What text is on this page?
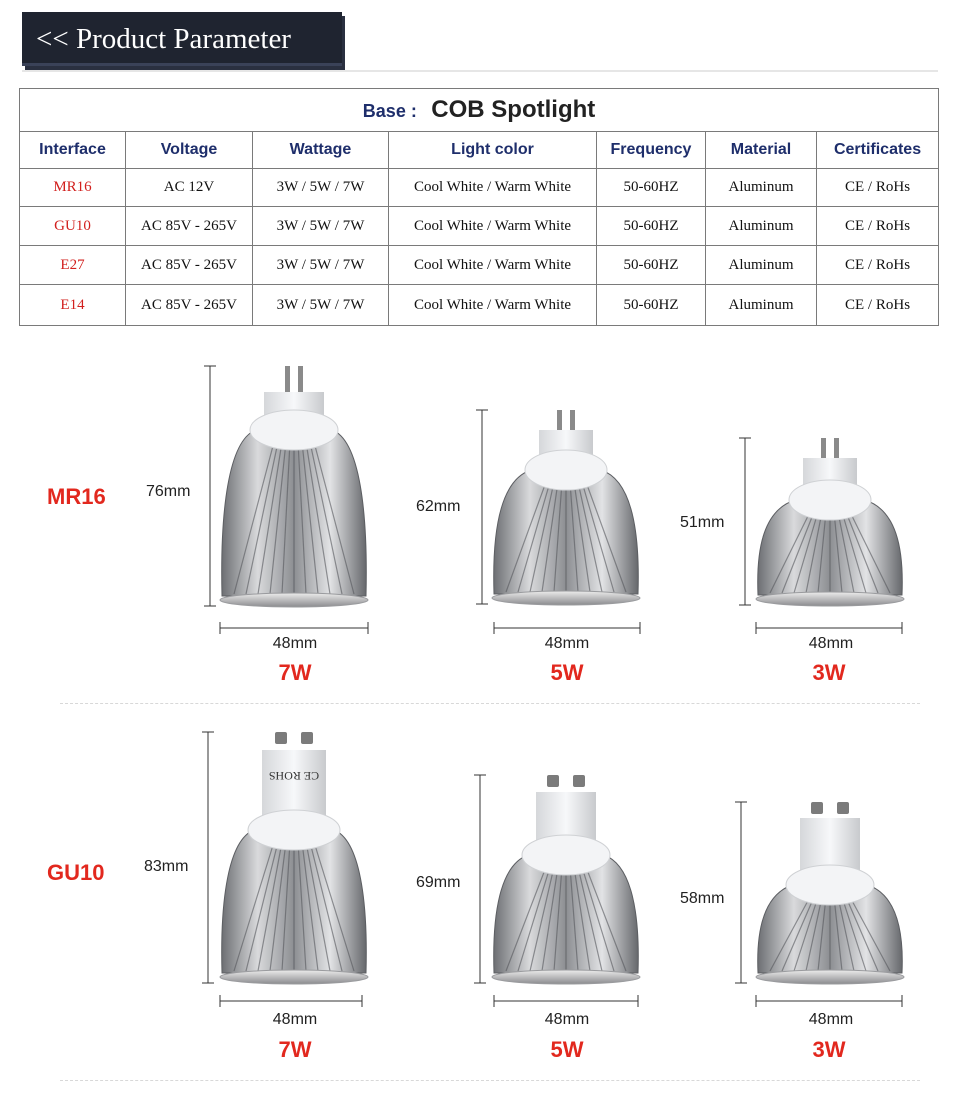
<< Product Parameter
Base : COB Spotlight						
Interface	Voltage	Wattage	Light color	Frequency	Material	Certificates
MR16	AC 12V	3W / 5W / 7W	Cool White / Warm White	50-60HZ	Aluminum	CE / RoHs
GU10	AC 85V - 265V	3W / 5W / 7W	Cool White / Warm White	50-60HZ	Aluminum	CE / RoHs
E27	AC 85V - 265V	3W / 5W / 7W	Cool White / Warm White	50-60HZ	Aluminum	CE / RoHs
E14	AC 85V - 265V	3W / 5W / 7W	Cool White / Warm White	50-60HZ	Aluminum	CE / RoHs
CE ROHS
MR16
GU10
76mm
62mm
51mm
48mm	48mm	48mm
7W	5W	3W
83mm
69mm
58mm
48mm	48mm	48mm
7W	5W	3W
